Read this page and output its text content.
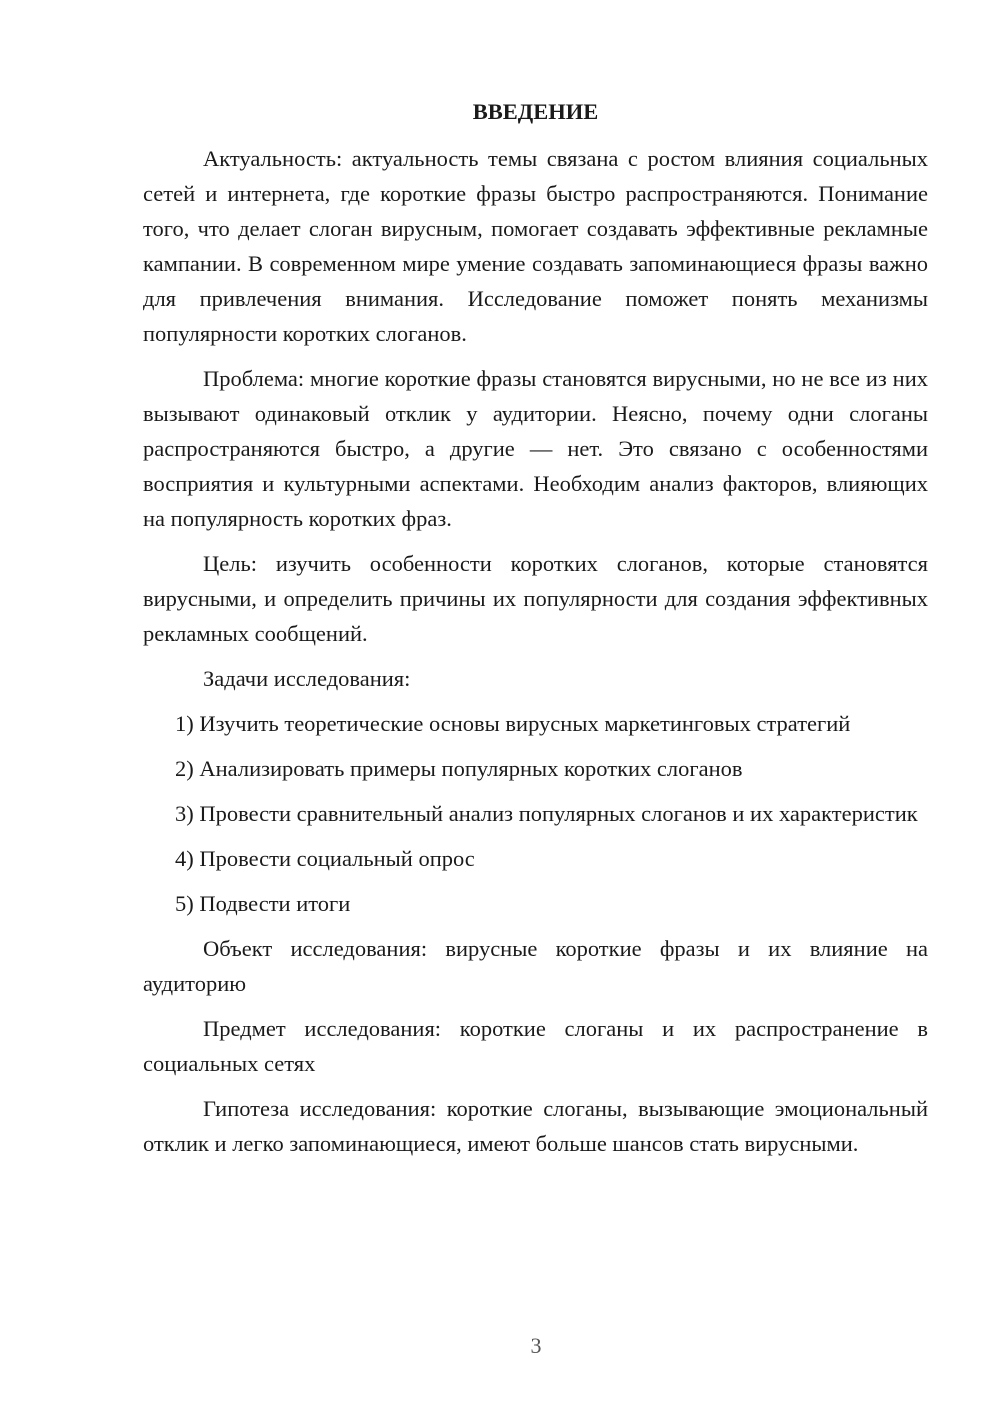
ВВЕДЕНИЕ

Актуальность: актуальность темы связана с ростом влияния социальных сетей и интернета, где короткие фразы быстро распространяются. Понимание того, что делает слоган вирусным, помогает создавать эффективные рекламные кампании. В современном мире умение создавать запоминающиеся фразы важно для привлечения внимания. Исследование поможет понять механизмы популярности коротких слоганов.

Проблема: многие короткие фразы становятся вирусными, но не все из них вызывают одинаковый отклик у аудитории. Неясно, почему одни слоганы распространяются быстро, а другие — нет. Это связано с особенностями восприятия и культурными аспектами. Необходим анализ факторов, влияющих на популярность коротких фраз.

Цель: изучить особенности коротких слоганов, которые становятся вирусными, и определить причины их популярности для создания эффективных рекламных сообщений.

Задачи исследования:

1) Изучить теоретические основы вирусных маркетинговых стратегий

2) Анализировать примеры популярных коротких слоганов

3) Провести сравнительный анализ популярных слоганов и их характеристик

4) Провести социальный опрос

5) Подвести итоги

Объект исследования: вирусные короткие фразы и их влияние на аудиторию

Предмет исследования: короткие слоганы и их распространение в социальных сетях

Гипотеза исследования: короткие слоганы, вызывающие эмоциональный отклик и легко запоминающиеся, имеют больше шансов стать вирусными.

3
